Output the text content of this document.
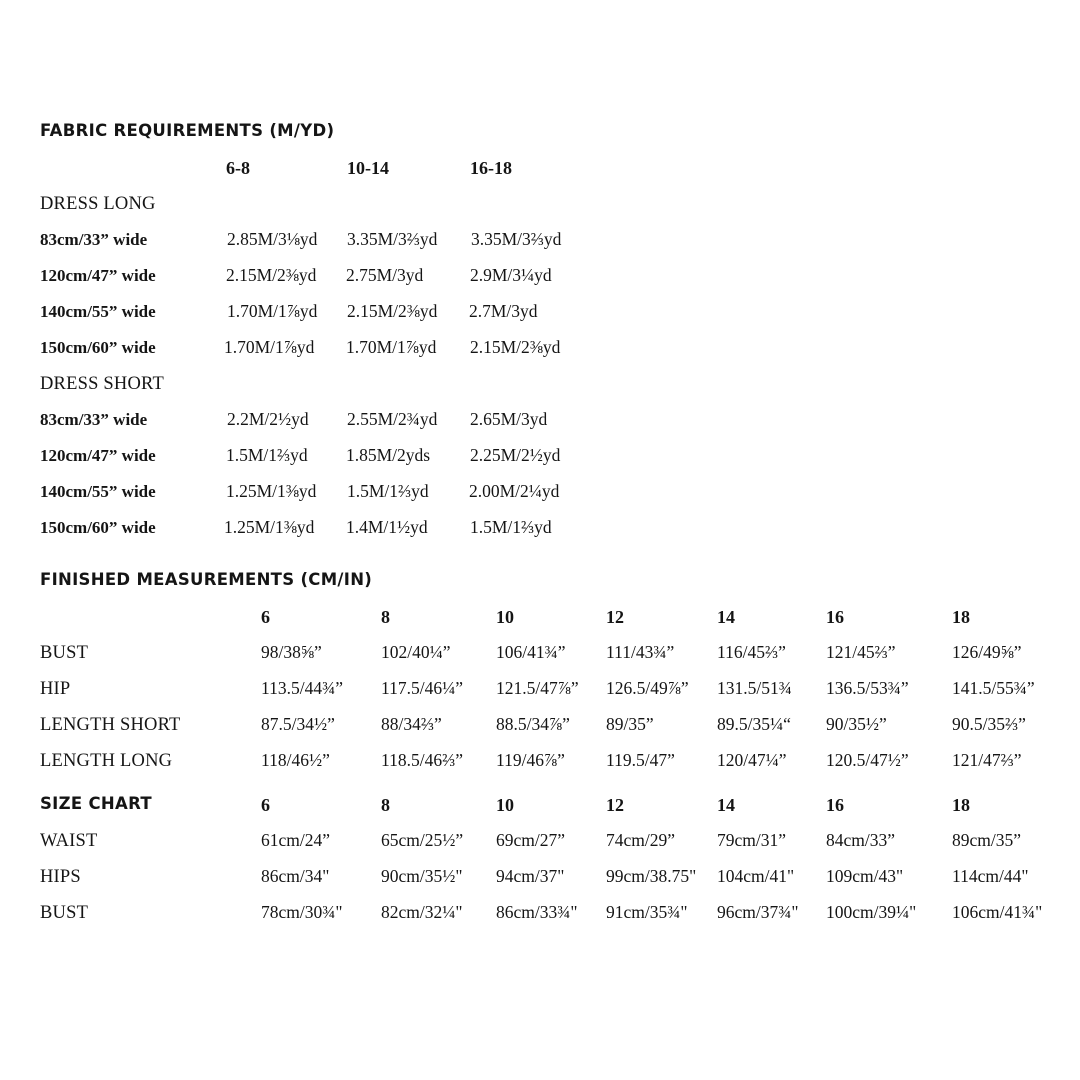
FABRIC REQUIREMENTS (M/YD)
6-8	10-14	16-18
DRESS LONG
83cm/33” wide	2.85M/3⅛yd 3.35M/3⅔yd 3.35M/3⅔yd
120cm/47” wide	2.15M/2⅜yd 2.75M/3yd	2.9M/3¼yd
140cm/55” wide	1.70M/1⅞yd 2.15M/2⅜yd 2.7M/3yd
150cm/60” wide	1.70M/1⅞yd 1.70M/1⅞yd 2.15M/2⅜yd
DRESS SHORT
83cm/33” wide	2.2M/2½yd 2.55M/2¾yd 2.65M/3yd
120cm/47” wide	1.5M/1⅔yd 1.85M/2yds 2.25M/2½yd
140cm/55” wide	1.25M/1⅜yd 1.5M/1⅔yd 2.00M/2¼yd
150cm/60” wide	1.25M/1⅜yd 1.4M/1½yd 1.5M/1⅔yd
FINISHED MEASUREMENTS (CM/IN)
6	8	10	12	14	16	18
BUST	98/38⅝”	102/40¼”	106/41¾” 111/43¾” 116/45⅔” 121/45⅔”	126/49⅝”
HIP	113.5/44¾” 117.5/46¼” 121.5/47⅞” 126.5/49⅞” 131.5/51¾ 136.5/53¾” 141.5/55¾”
LENGTH SHORT	87.5/34½”	88/34⅔”	88.5/34⅞” 89/35”	89.5/35¼“ 90/35½”	90.5/35⅔”
LENGTH LONG	118/46½”	118.5/46⅔” 119/46⅞” 119.5/47” 120/47¼” 120.5/47½” 121/47⅔”
SIZE CHART	6	8	10	12	14	16	18
WAIST	61cm/24”	65cm/25½” 69cm/27” 74cm/29” 79cm/31” 84cm/33”	89cm/35”
HIPS	86cm/34"	90cm/35½" 94cm/37" 99cm/38.75" 104cm/41" 109cm/43"	114cm/44"
BUST	78cm/30¾" 82cm/32¼" 86cm/33¾" 91cm/35¾" 96cm/37¾" 100cm/39¼" 106cm/41¾"
